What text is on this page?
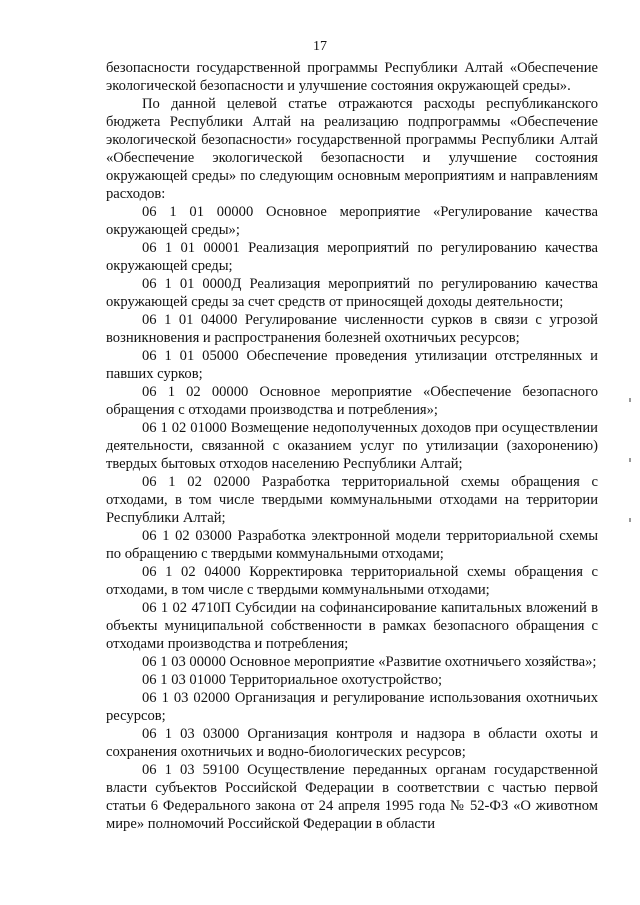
17

безопасности государственной программы Республики Алтай «Обеспечение экологической безопасности и улучшение состояния окружающей среды».

По данной целевой статье отражаются расходы республиканского бюджета Республики Алтай на реализацию подпрограммы «Обеспечение экологической безопасности» государственной программы Республики Алтай «Обеспечение экологической безопасности и улучшение состояния окружающей среды» по следующим основным мероприятиям и направлениям расходов:

06 1 01 00000 Основное мероприятие «Регулирование качества окружающей среды»;

06 1 01 00001 Реализация мероприятий по регулированию качества окружающей среды;

06 1 01 0000Д Реализация мероприятий по регулированию качества окружающей среды за счет средств от приносящей доходы деятельности;

06 1 01 04000 Регулирование численности сурков в связи с угрозой возникновения и распространения болезней охотничьих ресурсов;

06 1 01 05000 Обеспечение проведения утилизации отстрелянных и павших сурков;

06 1 02 00000 Основное мероприятие «Обеспечение безопасного обращения с отходами производства и потребления»;

06 1 02 01000 Возмещение недополученных доходов при осуществлении деятельности, связанной с оказанием услуг по утилизации (захоронению) твердых бытовых отходов населению Республики Алтай;

06 1 02 02000 Разработка территориальной схемы обращения с отходами, в том числе твердыми коммунальными отходами на территории Республики Алтай;

06 1 02 03000 Разработка электронной модели территориальной схемы по обращению с твердыми коммунальными отходами;

06 1 02 04000 Корректировка территориальной схемы обращения с отходами, в том числе с твердыми коммунальными отходами;

06 1 02 4710П Субсидии на софинансирование капитальных вложений в объекты муниципальной собственности в рамках безопасного обращения с отходами производства и потребления;

06 1 03 00000 Основное мероприятие «Развитие охотничьего хозяйства»;

06 1 03 01000 Территориальное охотустройство;

06 1 03 02000 Организация и регулирование использования охотничьих ресурсов;

06 1 03 03000 Организация контроля и надзора в области охоты и сохранения охотничьих и водно-биологических ресурсов;

06 1 03 59100 Осуществление переданных органам государственной власти субъектов Российской Федерации в соответствии с частью первой статьи 6 Федерального закона от 24 апреля 1995 года № 52-ФЗ «О животном мире» полномочий Российской Федерации в области
